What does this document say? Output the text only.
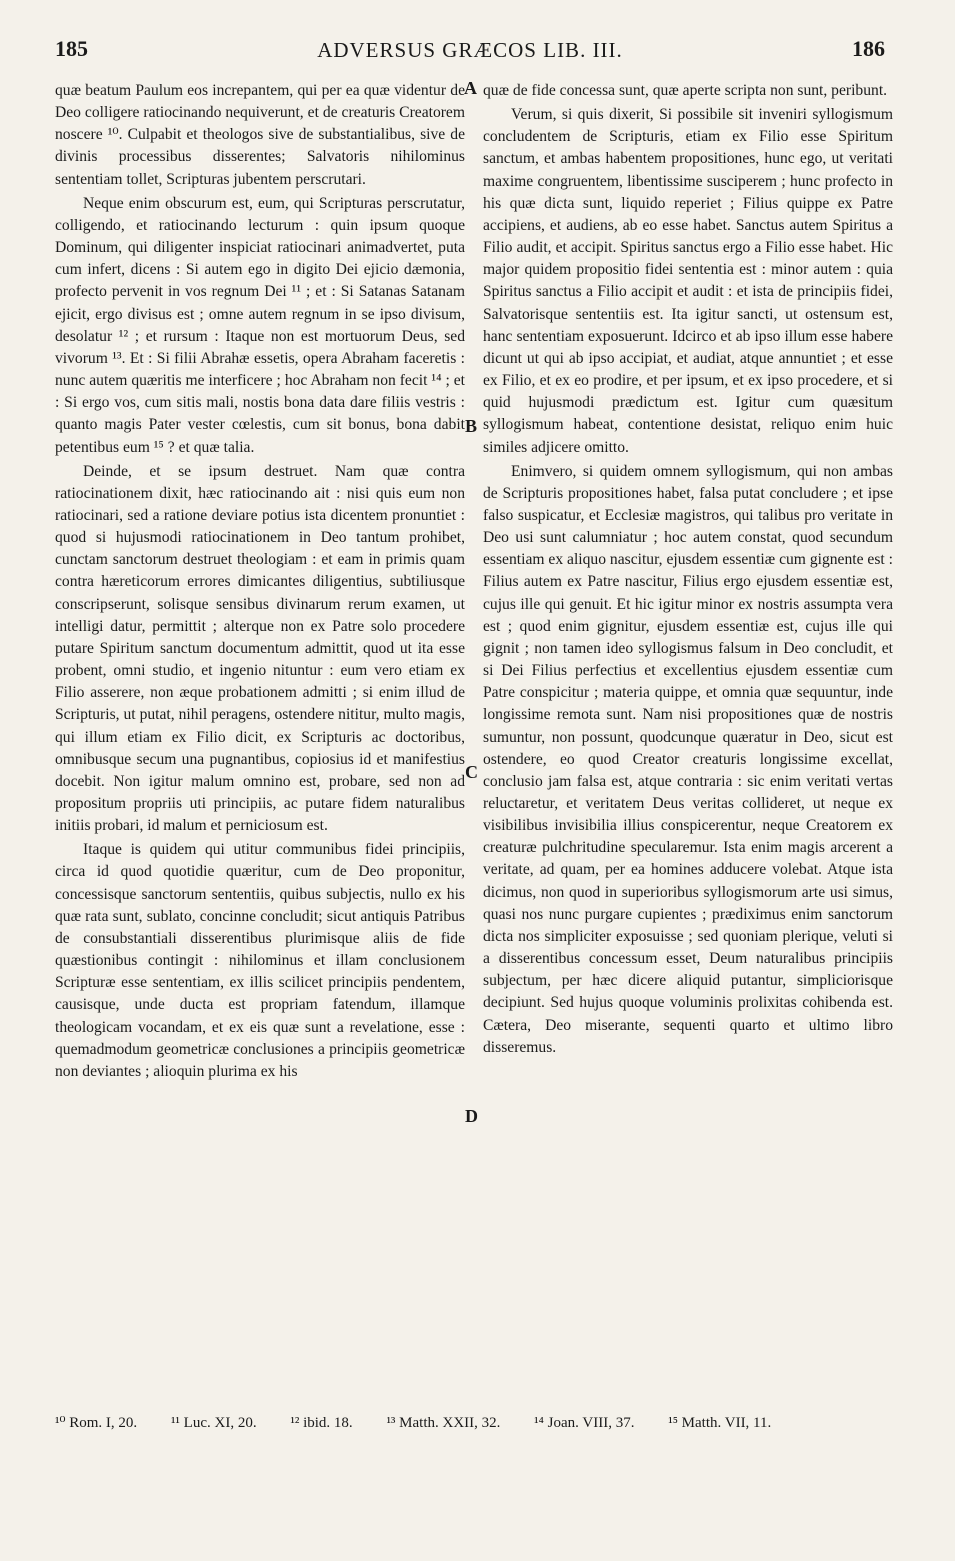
185	ADVERSUS GRÆCOS LIB. III.	186

quæ beatum Paulum eos increpantem, qui per ea quæ videntur de Deo colligere ratiocinando nequiverunt, et de creaturis Creatorem noscere ¹⁰. Culpabit et theologos sive de substantialibus, sive de divinis processibus disserentes; Salvatoris nihilominus sententiam tollet, Scripturas jubentem perscrutari.

Neque enim obscurum est, eum, qui Scripturas perscrutatur, colligendo, et ratiocinando lecturum : quin ipsum quoque Dominum, qui diligenter inspiciat ratiocinari animadvertet, puta cum infert, dicens : Si autem ego in digito Dei ejicio dæmonia, profecto pervenit in vos regnum Dei ¹¹ ; et : Si Satanas Satanam ejicit, ergo divisus est ; omne autem regnum in se ipso divisum, desolatur ¹² ; et rursum : Itaque non est mortuorum Deus, sed vivorum ¹³. Et : Si filii Abrahæ essetis, opera Abraham faceretis : nunc autem quæritis me interficere ; hoc Abraham non fecit ¹⁴ ; et : Si ergo vos, cum sitis mali, nostis bona data dare filiis vestris : quanto magis Pater vester cœlestis, cum sit bonus, bona dabit petentibus eum ¹⁵ ? et quæ talia.

Deinde, et se ipsum destruet. Nam quæ contra ratiocinationem dixit, hæc ratiocinando ait : nisi quis eum non ratiocinari, sed a ratione deviare potius ista dicentem pronuntiet : quod si hujusmodi ratiocinationem in Deo tantum prohibet, cunctam sanctorum destruet theologiam : et eam in primis quam contra hæreticorum errores dimicantes diligentius, subtiliusque conscripserunt, solisque sensibus divinarum rerum examen, ut intelligi datur, permittit ; alterque non ex Patre solo procedere putare Spiritum sanctum documentum admittit, quod ut ita esse probent, omni studio, et ingenio nituntur : eum vero etiam ex Filio asserere, non æque probationem admitti ; si enim illud de Scripturis, ut putat, nihil peragens, ostendere nititur, multo magis, qui illum etiam ex Filio dicit, ex Scripturis ac doctoribus, omnibusque secum una pugnantibus, copiosius id et manifestius docebit. Non igitur malum omnino est, probare, sed non ad propositum propriis uti principiis, ac putare fidem naturalibus initiis probari, id malum et perniciosum est.

Itaque is quidem qui utitur communibus fidei principiis, circa id quod quotidie quæritur, cum de Deo proponitur, concessisque sanctorum sententiis, quibus subjectis, nullo ex his quæ rata sunt, sublato, concinne concludit; sicut antiquis Patribus de consubstantiali disserentibus plurimisque aliis de fide quæstionibus contingit : nihilominus et illam conclusionem Scripturæ esse sententiam, ex illis scilicet principiis pendentem, causisque, unde ducta est propriam fatendum, illamque theologicam vocandam, et ex eis quæ sunt a revelatione, esse : quemadmodum geometricæ conclusiones a principiis geometricæ non deviantes ; alioquin plurima ex his

A
B
C
D

quæ de fide concessa sunt, quæ aperte scripta non sunt, peribunt.

Verum, si quis dixerit, Si possibile sit inveniri syllogismum concludentem de Scripturis, etiam ex Filio esse Spiritum sanctum, et ambas habentem propositiones, hunc ego, ut veritati maxime congruentem, libentissime susciperem ; hunc profecto in his quæ dicta sunt, liquido reperiet ; Filius quippe ex Patre accipiens, et audiens, ab eo esse habet. Sanctus autem Spiritus a Filio audit, et accipit. Spiritus sanctus ergo a Filio esse habet. Hic major quidem propositio fidei sententia est : minor autem : quia Spiritus sanctus a Filio accipit et audit : et ista de principiis fidei, Salvatorisque sententiis est. Ita igitur sancti, ut ostensum est, hanc sententiam exposuerunt. Idcirco et ab ipso illum esse habere dicunt ut qui ab ipso accipiat, et audiat, atque annuntiet ; et esse ex Filio, et ex eo prodire, et per ipsum, et ex ipso procedere, et si quid hujusmodi prædictum est. Igitur cum quæsitum syllogismum habeat, contentione desistat, reliquo enim huic similes adjicere omitto.

Enimvero, si quidem omnem syllogismum, qui non ambas de Scripturis propositiones habet, falsa putat concludere ; et ipse falso suspicatur, et Ecclesiæ magistros, qui talibus pro veritate in Deo usi sunt calumniatur ; hoc autem constat, quod secundum essentiam ex aliquo nascitur, ejusdem essentiæ cum gignente est : Filius autem ex Patre nascitur, Filius ergo ejusdem essentiæ est, cujus ille qui genuit. Et hic igitur minor ex nostris assumpta vera est ; quod enim gignitur, ejusdem essentiæ est, cujus ille qui gignit ; non tamen ideo syllogismus falsum in Deo concludit, et si Dei Filius perfectius et excellentius ejusdem essentiæ cum Patre conspicitur ; materia quippe, et omnia quæ sequuntur, inde longissime remota sunt. Nam nisi propositiones quæ de nostris sumuntur, non possunt, quodcunque quæratur in Deo, sicut est ostendere, eo quod Creator creaturis longissime excellat, conclusio jam falsa est, atque contraria : sic enim veritati vertas reluctaretur, et veritatem Deus veritas collideret, ut neque ex visibilibus invisibilia illius conspicerentur, neque Creatorem ex creaturæ pulchritudine specularemur. Ista enim magis arcerent a veritate, ad quam, per ea homines adducere volebat. Atque ista dicimus, non quod in superioribus syllogismorum arte usi simus, quasi nos nunc purgare cupientes ; prædiximus enim sanctorum dicta nos simpliciter exposuisse ; sed quoniam plerique, veluti si a disserentibus concessum esset, Deum naturalibus principiis subjectum, per hæc dicere aliquid putantur, simpliciorisque decipiunt. Sed hujus quoque voluminis prolixitas cohibenda est. Cætera, Deo miserante, sequenti quarto et ultimo libro disseremus.

¹⁰ Rom. I, 20. ¹¹ Luc. XI, 20. ¹² ibid. 18. ¹³ Matth. XXII, 32. ¹⁴ Joan. VIII, 37. ¹⁵ Matth. VII, 11.
